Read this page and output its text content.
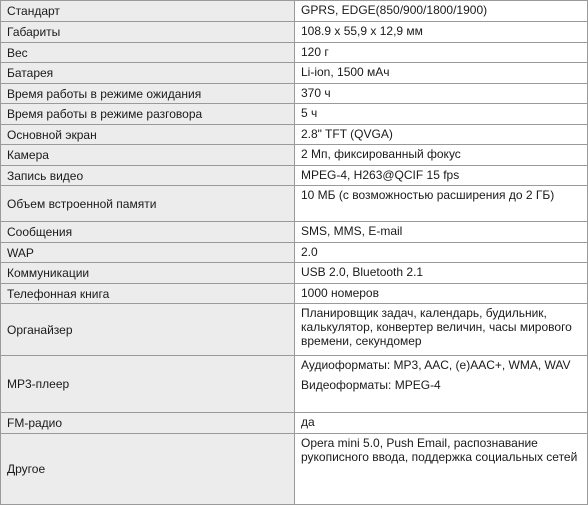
Стандарт	GPRS, EDGE(850/900/1800/1900)

Габариты	108.9 x 55,9 x 12,9 мм

Вес	120 г

Батарея	Li-ion, 1500 мАч

Время работы в режиме ожидания	370 ч

Время работы в режиме разговора	5 ч

Основной экран	2.8" TFT (QVGA)

Камера	2 Мп, фиксированный фокус

Запись видео	MPEG-4, H263@QCIF 15 fps

Объем встроенной памяти	10 МБ (с возможностью расширения до 2 ГБ)

Сообщения	SMS, MMS, E-mail

WAP	2.0

Коммуникации	USB 2.0, Bluetooth 2.1

Телефонная книга	1000 номеров

Органайзер	Планировщик задач, календарь, будильник, калькулятор, конвертер величин, часы мирового времени, секундомер

МР3-плеер	Аудиоформаты: MP3, AAC, (e)AAC+, WMA, WAV

Видеоформаты: MPEG-4

FM-радио	да

Другое	Opera mini 5.0, Push Email, распознавание рукописного ввода, поддержка социальных сетей
